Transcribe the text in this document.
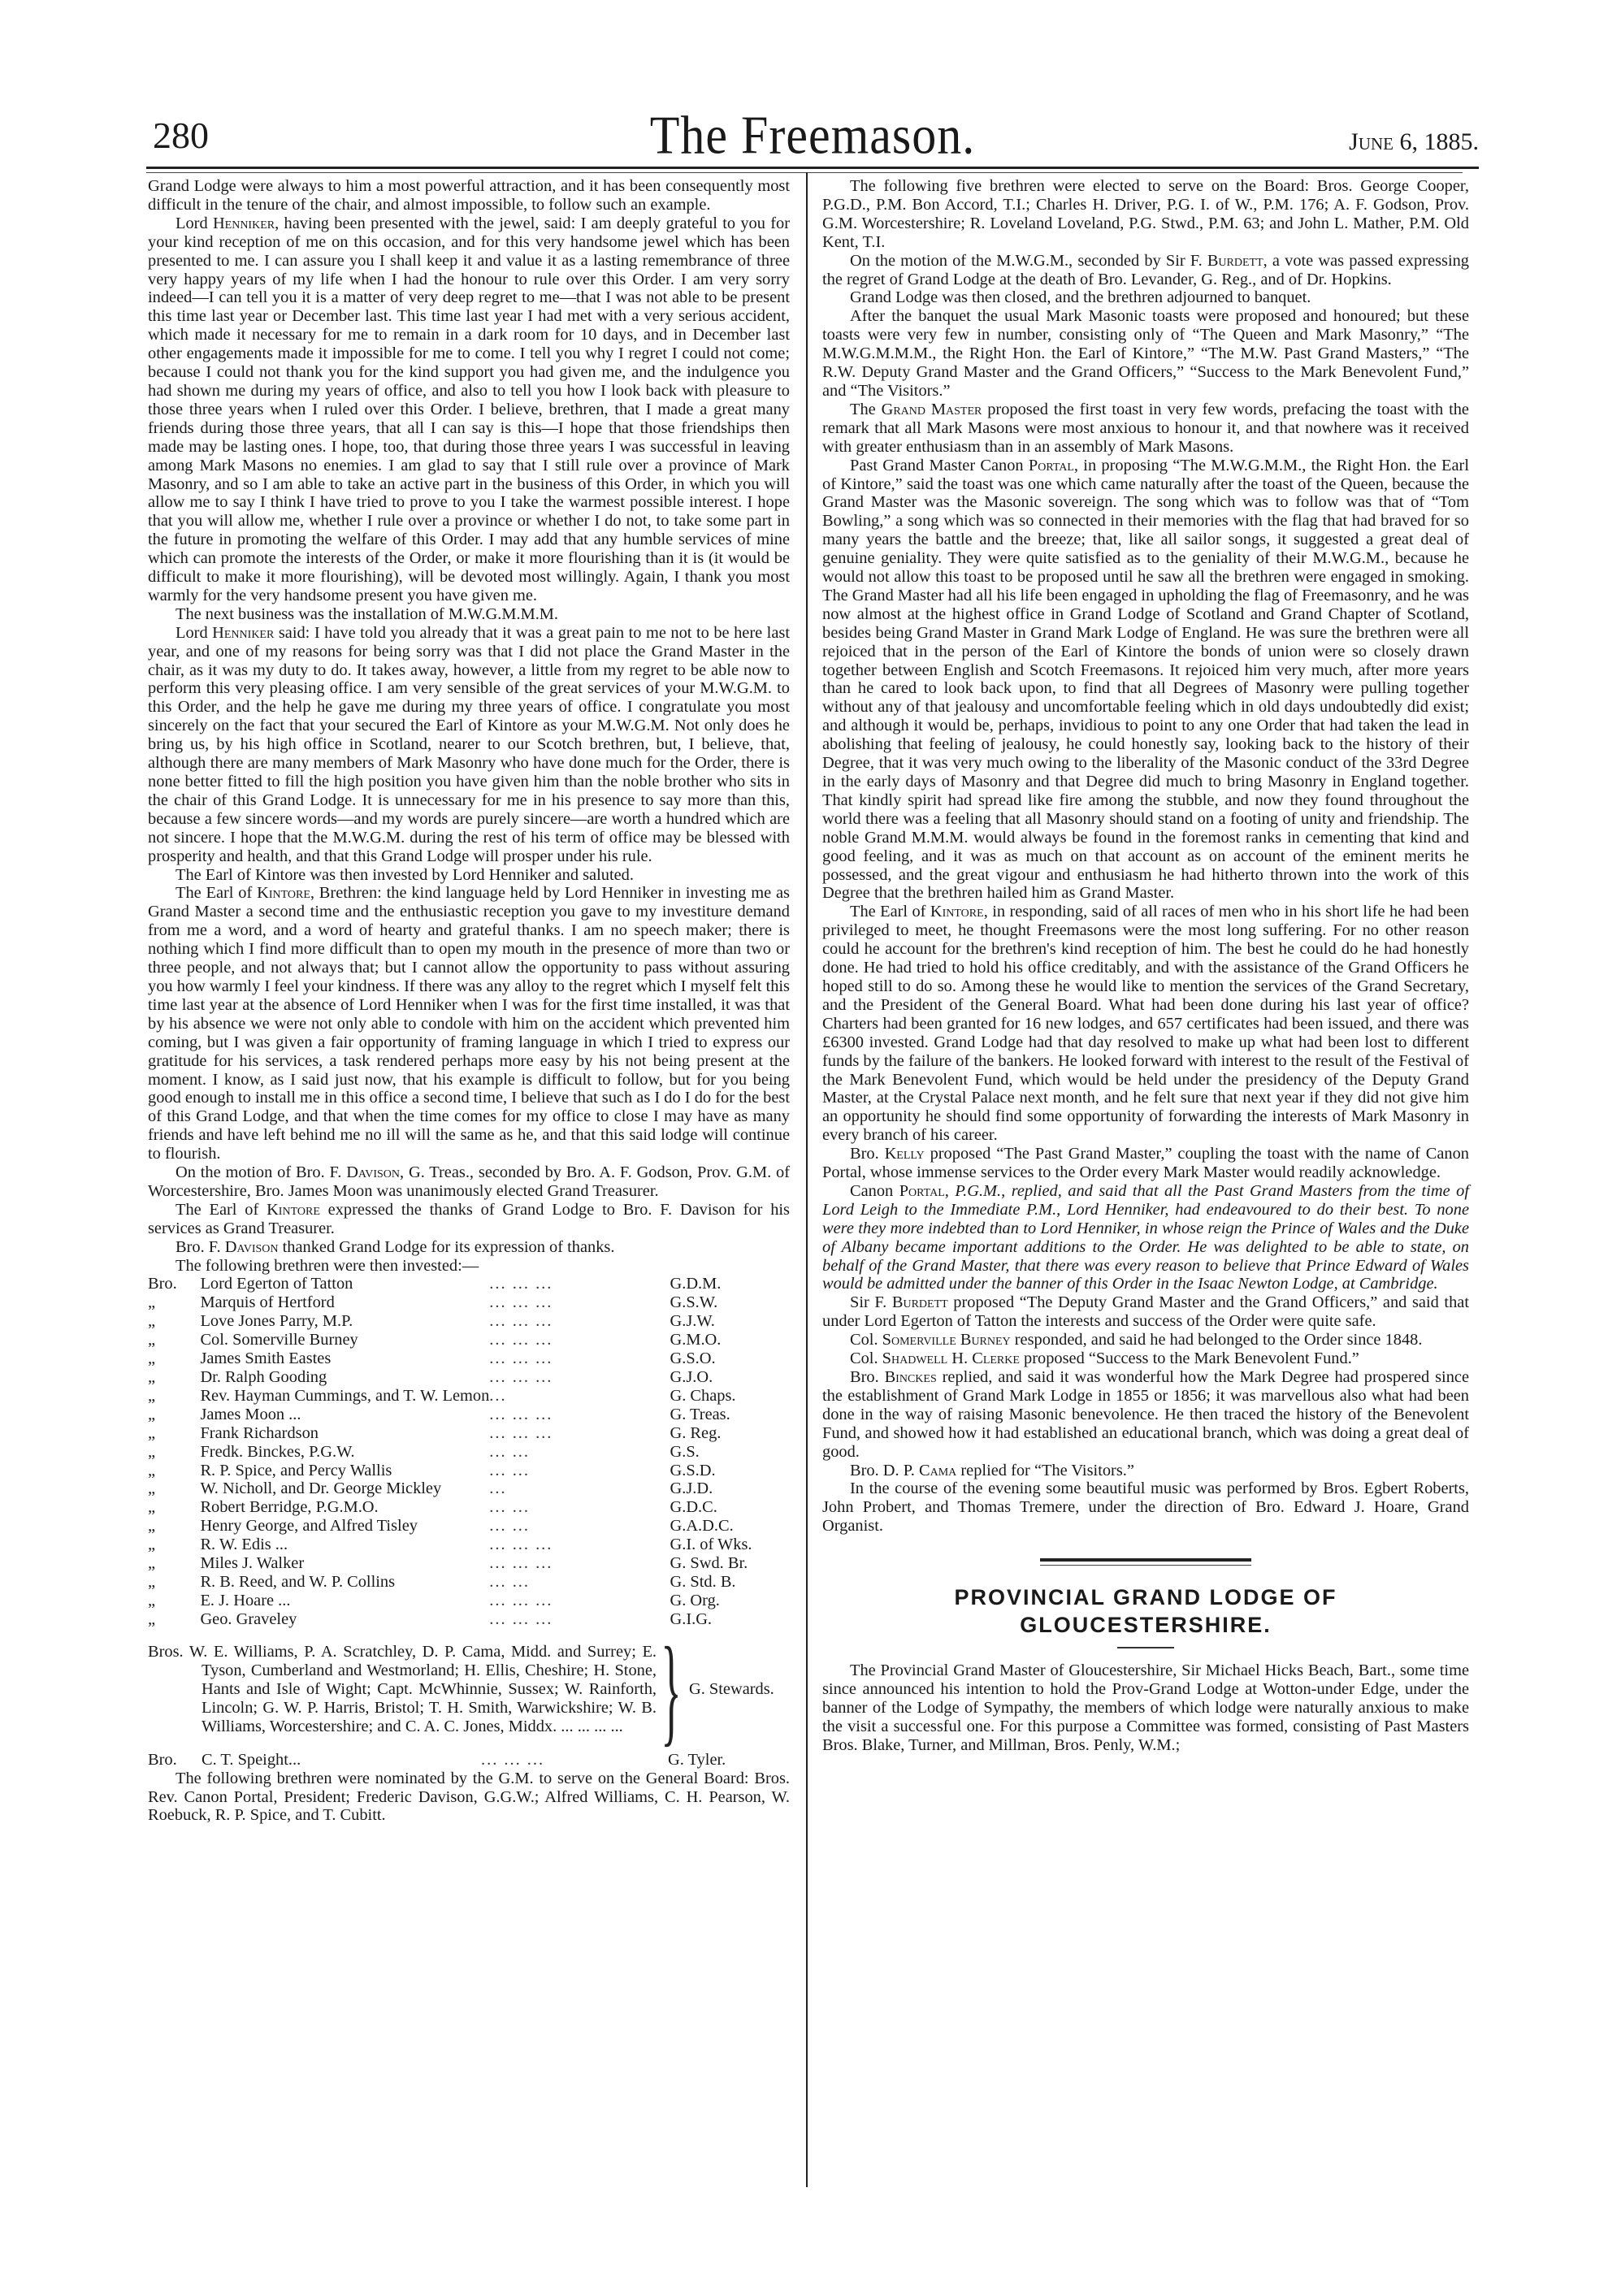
280	The Freemason.	June 6, 1885.

Grand Lodge were always to him a most powerful attraction, and it has been consequently most difficult in the tenure of the chair, and almost impossible, to follow such an example.

Lord Henniker, having been presented with the jewel, said: I am deeply grateful to you for your kind reception of me on this occasion, and for this very handsome jewel which has been presented to me. I can assure you I shall keep it and value it as a lasting remembrance of three very happy years of my life when I had the honour to rule over this Order. I am very sorry indeed—I can tell you it is a matter of very deep regret to me—that I was not able to be present this time last year or December last. This time last year I had met with a very serious accident, which made it necessary for me to remain in a dark room for 10 days, and in December last other engagements made it impossible for me to come. I tell you why I regret I could not come; because I could not thank you for the kind support you had given me, and the indulgence you had shown me during my years of office, and also to tell you how I look back with pleasure to those three years when I ruled over this Order. I believe, brethren, that I made a great many friends during those three years, that all I can say is this—I hope that those friendships then made may be lasting ones. I hope, too, that during those three years I was successful in leaving among Mark Masons no enemies. I am glad to say that I still rule over a province of Mark Masonry, and so I am able to take an active part in the business of this Order, in which you will allow me to say I think I have tried to prove to you I take the warmest possible interest. I hope that you will allow me, whether I rule over a province or whether I do not, to take some part in the future in promoting the welfare of this Order. I may add that any humble services of mine which can promote the interests of the Order, or make it more flourishing than it is (it would be difficult to make it more flourishing), will be devoted most willingly. Again, I thank you most warmly for the very handsome present you have given me.

The next business was the installation of M.W.G.M.M.M.

Lord Henniker said: I have told you already that it was a great pain to me not to be here last year, and one of my reasons for being sorry was that I did not place the Grand Master in the chair, as it was my duty to do. It takes away, however, a little from my regret to be able now to perform this very pleasing office. I am very sensible of the great services of your M.W.G.M. to this Order, and the help he gave me during my three years of office. I congratulate you most sincerely on the fact that your secured the Earl of Kintore as your M.W.G.M. Not only does he bring us, by his high office in Scotland, nearer to our Scotch brethren, but, I believe, that, although there are many members of Mark Masonry who have done much for the Order, there is none better fitted to fill the high position you have given him than the noble brother who sits in the chair of this Grand Lodge. It is unnecessary for me in his presence to say more than this, because a few sincere words—and my words are purely sincere—are worth a hundred which are not sincere. I hope that the M.W.G.M. during the rest of his term of office may be blessed with prosperity and health, and that this Grand Lodge will prosper under his rule.

The Earl of Kintore was then invested by Lord Henniker and saluted.

The Earl of Kintore, Brethren: the kind language held by Lord Henniker in investing me as Grand Master a second time and the enthusiastic reception you gave to my investiture demand from me a word, and a word of hearty and grateful thanks. I am no speech maker; there is nothing which I find more difficult than to open my mouth in the presence of more than two or three people, and not always that; but I cannot allow the opportunity to pass without assuring you how warmly I feel your kindness. If there was any alloy to the regret which I myself felt this time last year at the absence of Lord Henniker when I was for the first time installed, it was that by his absence we were not only able to condole with him on the accident which prevented him coming, but I was given a fair opportunity of framing language in which I tried to express our gratitude for his services, a task rendered perhaps more easy by his not being present at the moment. I know, as I said just now, that his example is difficult to follow, but for you being good enough to install me in this office a second time, I believe that such as I do I do for the best of this Grand Lodge, and that when the time comes for my office to close I may have as many friends and have left behind me no ill will the same as he, and that this said lodge will continue to flourish.

On the motion of Bro. F. Davison, G. Treas., seconded by Bro. A. F. Godson, Prov. G.M. of Worcestershire, Bro. James Moon was unanimously elected Grand Treasurer.

The Earl of Kintore expressed the thanks of Grand Lodge to Bro. F. Davison for his services as Grand Treasurer.

Bro. F. Davison thanked Grand Lodge for its expression of thanks.

The following brethren were then invested:—

Bro.	Lord Egerton of Tatton	... ... ...	G.D.M.
„	Marquis of Hertford	... ... ...	G.S.W.
„	Love Jones Parry, M.P.	... ... ...	G.J.W.
„	Col. Somerville Burney	... ... ...	G.M.O.
„	James Smith Eastes	... ... ...	G.S.O.
„	Dr. Ralph Gooding	... ... ...	G.J.O.
„	Rev. Hayman Cummings, and T. W. Lemon	...	G. Chaps.
„	James Moon ...	... ... ...	G. Treas.
„	Frank Richardson	... ... ...	G. Reg.
„	Fredk. Binckes, P.G.W.	... ...	G.S.
„	R. P. Spice, and Percy Wallis	... ...	G.S.D.
„	W. Nicholl, and Dr. George Mickley	...	G.J.D.
„	Robert Berridge, P.G.M.O.	... ...	G.D.C.
„	Henry George, and Alfred Tisley	... ...	G.A.D.C.
„	R. W. Edis ...	... ... ...	G.I. of Wks.
„	Miles J. Walker	... ... ...	G. Swd. Br.
„	R. B. Reed, and W. P. Collins	... ...	G. Std. B.
„	E. J. Hoare ...	... ... ...	G. Org.
„	Geo. Graveley	... ... ...	G.I.G.
Bros. W. E. Williams, P. A. Scratchley, D. P. Cama, Midd. and Surrey; E. Tyson, Cumberland and Westmorland; H. Ellis, Cheshire; H. Stone, Hants and Isle of Wight; Capt. McWhinnie, Sussex; W. Rainforth, Lincoln; G. W. P. Harris, Bristol; T. H. Smith, Warwickshire; W. B. Williams, Worcestershire; and C. A. C. Jones, Middx. ... ... ... ... } G. Stewards.
Bro.	C. T. Speight...	... ... ...	G. Tyler.

The following brethren were nominated by the G.M. to serve on the General Board: Bros. Rev. Canon Portal, President; Frederic Davison, G.G.W.; Alfred Williams, C. H. Pearson, W. Roebuck, R. P. Spice, and T. Cubitt.

The following five brethren were elected to serve on the Board: Bros. George Cooper, P.G.D., P.M. Bon Accord, T.I.; Charles H. Driver, P.G. I. of W., P.M. 176; A. F. Godson, Prov. G.M. Worcestershire; R. Loveland Loveland, P.G. Stwd., P.M. 63; and John L. Mather, P.M. Old Kent, T.I.

On the motion of the M.W.G.M., seconded by Sir F. Burdett, a vote was passed expressing the regret of Grand Lodge at the death of Bro. Levander, G. Reg., and of Dr. Hopkins.

Grand Lodge was then closed, and the brethren adjourned to banquet.

After the banquet the usual Mark Masonic toasts were proposed and honoured; but these toasts were very few in number, consisting only of “The Queen and Mark Masonry,” “The M.W.G.M.M.M., the Right Hon. the Earl of Kintore,” “The M.W. Past Grand Masters,” “The R.W. Deputy Grand Master and the Grand Officers,” “Success to the Mark Benevolent Fund,” and “The Visitors.”

The Grand Master proposed the first toast in very few words, prefacing the toast with the remark that all Mark Masons were most anxious to honour it, and that nowhere was it received with greater enthusiasm than in an assembly of Mark Masons.

Past Grand Master Canon Portal, in proposing “The M.W.G.M.M., the Right Hon. the Earl of Kintore,” said the toast was one which came naturally after the toast of the Queen, because the Grand Master was the Masonic sovereign. The song which was to follow was that of “Tom Bowling,” a song which was so connected in their memories with the flag that had braved for so many years the battle and the breeze; that, like all sailor songs, it suggested a great deal of genuine geniality. They were quite satisfied as to the geniality of their M.W.G.M., because he would not allow this toast to be proposed until he saw all the brethren were engaged in smoking. The Grand Master had all his life been engaged in upholding the flag of Freemasonry, and he was now almost at the highest office in Grand Lodge of Scotland and Grand Chapter of Scotland, besides being Grand Master in Grand Mark Lodge of England. He was sure the brethren were all rejoiced that in the person of the Earl of Kintore the bonds of union were so closely drawn together between English and Scotch Freemasons. It rejoiced him very much, after more years than he cared to look back upon, to find that all Degrees of Masonry were pulling together without any of that jealousy and uncomfortable feeling which in old days undoubtedly did exist; and although it would be, perhaps, invidious to point to any one Order that had taken the lead in abolishing that feeling of jealousy, he could honestly say, looking back to the history of their Degree, that it was very much owing to the liberality of the Masonic conduct of the 33rd Degree in the early days of Masonry and that Degree did much to bring Masonry in England together. That kindly spirit had spread like fire among the stubble, and now they found throughout the world there was a feeling that all Masonry should stand on a footing of unity and friendship. The noble Grand M.M.M. would always be found in the foremost ranks in cementing that kind and good feeling, and it was as much on that account as on account of the eminent merits he possessed, and the great vigour and enthusiasm he had hitherto thrown into the work of this Degree that the brethren hailed him as Grand Master.

The Earl of Kintore, in responding, said of all races of men who in his short life he had been privileged to meet, he thought Freemasons were the most long suffering. For no other reason could he account for the brethren's kind reception of him. The best he could do he had honestly done. He had tried to hold his office creditably, and with the assistance of the Grand Officers he hoped still to do so. Among these he would like to mention the services of the Grand Secretary, and the President of the General Board. What had been done during his last year of office? Charters had been granted for 16 new lodges, and 657 certificates had been issued, and there was £6300 invested. Grand Lodge had that day resolved to make up what had been lost to different funds by the failure of the bankers. He looked forward with interest to the result of the Festival of the Mark Benevolent Fund, which would be held under the presidency of the Deputy Grand Master, at the Crystal Palace next month, and he felt sure that next year if they did not give him an opportunity he should find some opportunity of forwarding the interests of Mark Masonry in every branch of his career.

Bro. Kelly proposed “The Past Grand Master,” coupling the toast with the name of Canon Portal, whose immense services to the Order every Mark Master would readily acknowledge.

Canon Portal, P.G.M., replied, and said that all the Past Grand Masters from the time of Lord Leigh to the Immediate P.M., Lord Henniker, had endeavoured to do their best. To none were they more indebted than to Lord Henniker, in whose reign the Prince of Wales and the Duke of Albany became important additions to the Order. He was delighted to be able to state, on behalf of the Grand Master, that there was every reason to believe that Prince Edward of Wales would be admitted under the banner of this Order in the Isaac Newton Lodge, at Cambridge.

Sir F. Burdett proposed “The Deputy Grand Master and the Grand Officers,” and said that under Lord Egerton of Tatton the interests and success of the Order were quite safe.

Col. Somerville Burney responded, and said he had belonged to the Order since 1848.

Col. Shadwell H. Clerke proposed “Success to the Mark Benevolent Fund.”

Bro. Binckes replied, and said it was wonderful how the Mark Degree had prospered since the establishment of Grand Mark Lodge in 1855 or 1856; it was marvellous also what had been done in the way of raising Masonic benevolence. He then traced the history of the Benevolent Fund, and showed how it had established an educational branch, which was doing a great deal of good.

Bro. D. P. Cama replied for “The Visitors.”

In the course of the evening some beautiful music was performed by Bros. Egbert Roberts, John Probert, and Thomas Tremere, under the direction of Bro. Edward J. Hoare, Grand Organist.

PROVINCIAL GRAND LODGE OF
GLOUCESTERSHIRE.

The Provincial Grand Master of Gloucestershire, Sir Michael Hicks Beach, Bart., some time since announced his intention to hold the Prov-Grand Lodge at Wotton-under Edge, under the banner of the Lodge of Sympathy, the members of which lodge were naturally anxious to make the visit a successful one. For this purpose a Committee was formed, consisting of Past Masters Bros. Blake, Turner, and Millman, Bros. Penly, W.M.;
